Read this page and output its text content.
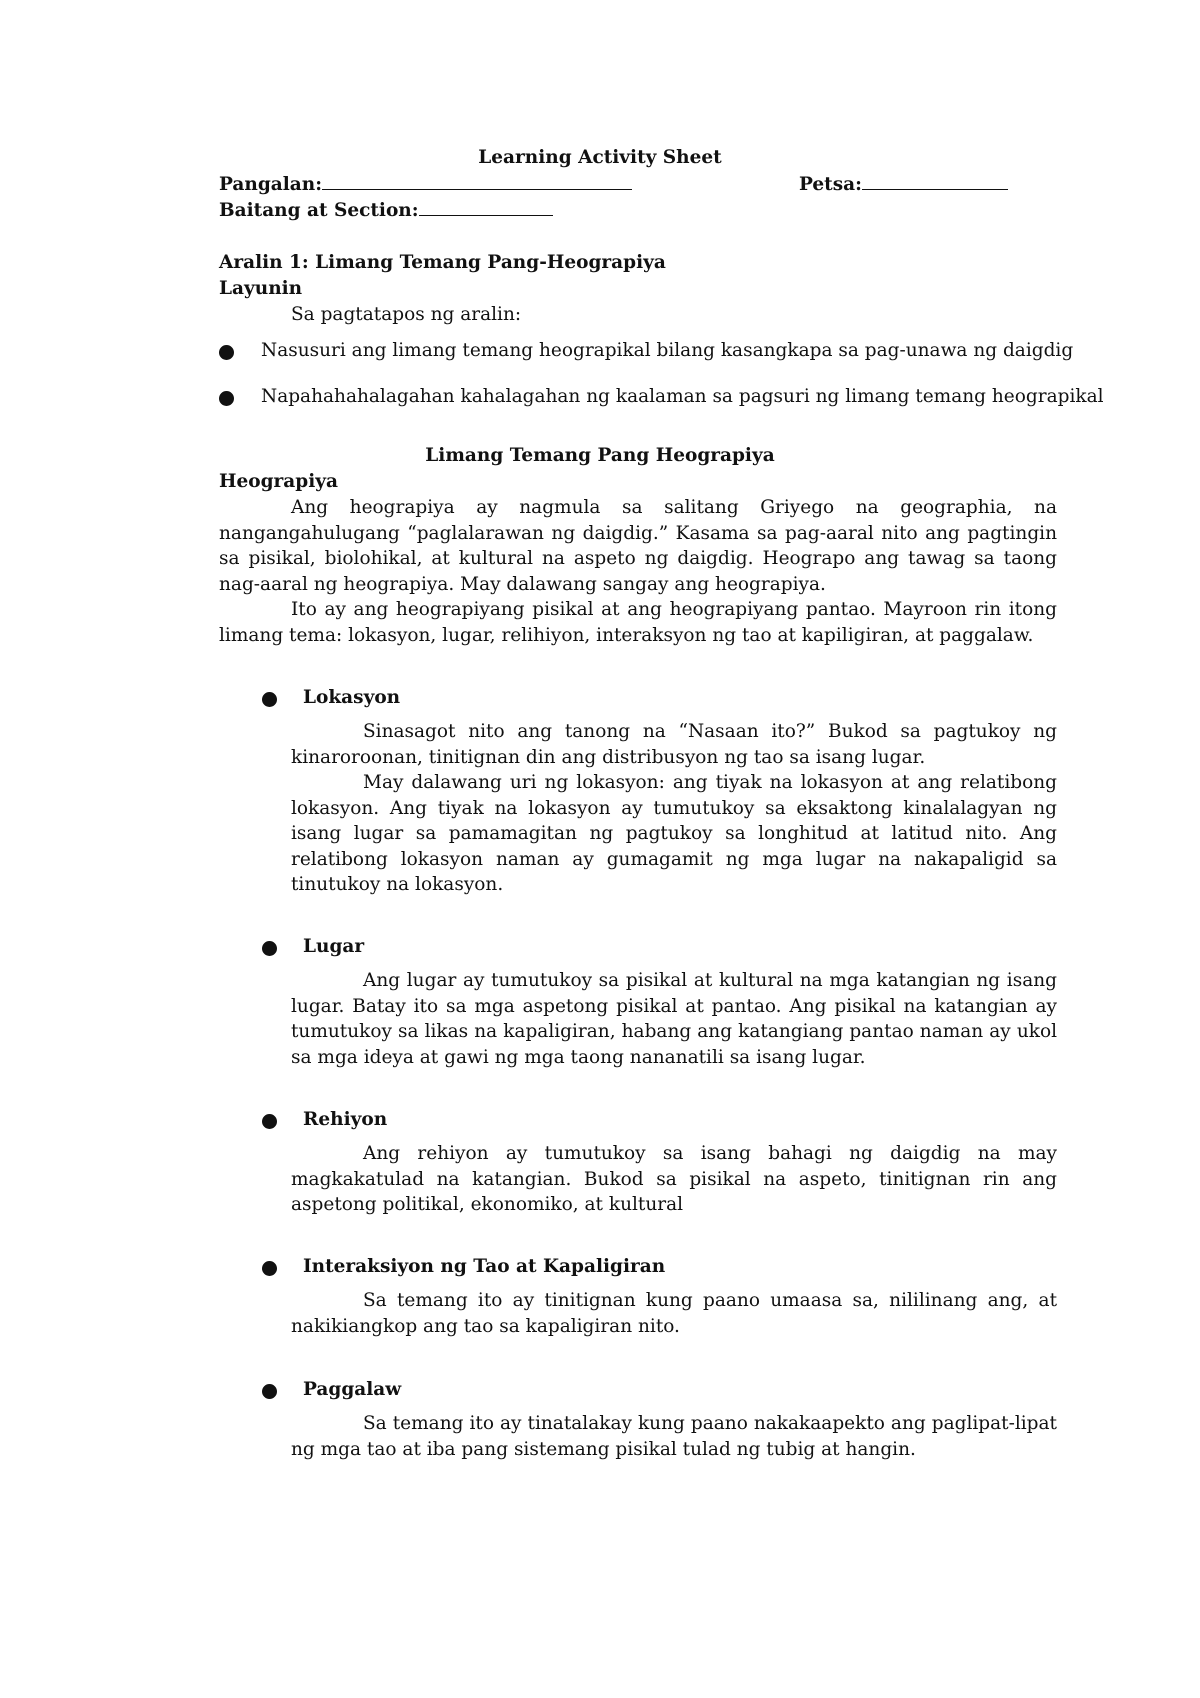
Learning Activity Sheet
Pangalan:	Petsa:
Baitang at Section:
Aralin 1: Limang Temang Pang-Heograpiya
Layunin
Sa pagtatapos ng aralin:
Nasusuri ang limang temang heograpikal bilang kasangkapa sa pag-unawa ng daigdig
Napahahahalagahan kahalagahan ng kaalaman sa pagsuri ng limang temang heograpikal
Limang Temang Pang Heograpiya
Heograpiya

Ang heograpiya ay nagmula sa salitang Griyego na geographia, na nangangahulugang “paglalarawan ng daigdig.” Kasama sa pag-aaral nito ang pagtingin sa pisikal, biolohikal, at kultural na aspeto ng daigdig. Heograpo ang tawag sa taong nag-aaral ng heograpiya. May dalawang sangay ang heograpiya.

Ito ay ang heograpiyang pisikal at ang heograpiyang pantao. Mayroon rin itong limang tema: lokasyon, lugar, relihiyon, interaksyon ng tao at kapiligiran, at paggalaw.

Lokasyon

Sinasagot nito ang tanong na “Nasaan ito?” Bukod sa pagtukoy ng kinaroroonan, tinitignan din ang distribusyon ng tao sa isang lugar.

May dalawang uri ng lokasyon: ang tiyak na lokasyon at ang relatibong lokasyon. Ang tiyak na lokasyon ay tumutukoy sa eksaktong kinalalagyan ng isang lugar sa pamamagitan ng pagtukoy sa longhitud at latitud nito. Ang relatibong lokasyon naman ay gumagamit ng mga lugar na nakapaligid sa tinutukoy na lokasyon.

Lugar

Ang lugar ay tumutukoy sa pisikal at kultural na mga katangian ng isang lugar. Batay ito sa mga aspetong pisikal at pantao. Ang pisikal na katangian ay tumutukoy sa likas na kapaligiran, habang ang katangiang pantao naman ay ukol sa mga ideya at gawi ng mga taong nananatili sa isang lugar.

Rehiyon

Ang rehiyon ay tumutukoy sa isang bahagi ng daigdig na may magkakatulad na katangian. Bukod sa pisikal na aspeto, tinitignan rin ang aspetong politikal, ekonomiko, at kultural

Interaksiyon ng Tao at Kapaligiran

Sa temang ito ay tinitignan kung paano umaasa sa, nililinang ang, at nakikiangkop ang tao sa kapaligiran nito.

Paggalaw

Sa temang ito ay tinatalakay kung paano nakakaapekto ang paglipat-lipat ng mga tao at iba pang sistemang pisikal tulad ng tubig at hangin.
